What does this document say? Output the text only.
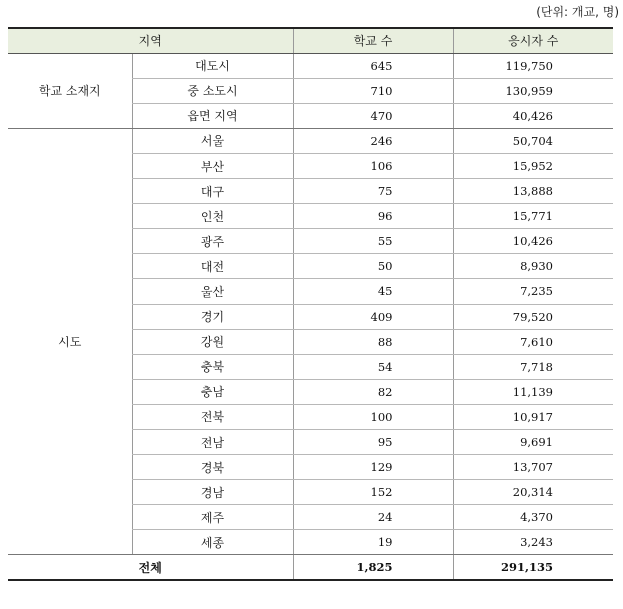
(단위: 개교, 명)
지역		학교 수	응시자 수
학교 소재지	대도시	645	119,750
	중 소도시	710	130,959
	읍면 지역	470	40,426
시도	서울	246	50,704
	부산	106	15,952
	대구	75	13,888
	인천	96	15,771
	광주	55	10,426
	대전	50	8,930
	울산	45	7,235
	경기	409	79,520
	강원	88	7,610
	충북	54	7,718
	충남	82	11,139
	전북	100	10,917
	전남	95	9,691
	경북	129	13,707
	경남	152	20,314
	제주	24	4,370
	세종	19	3,243
전체		1,825	291,135
